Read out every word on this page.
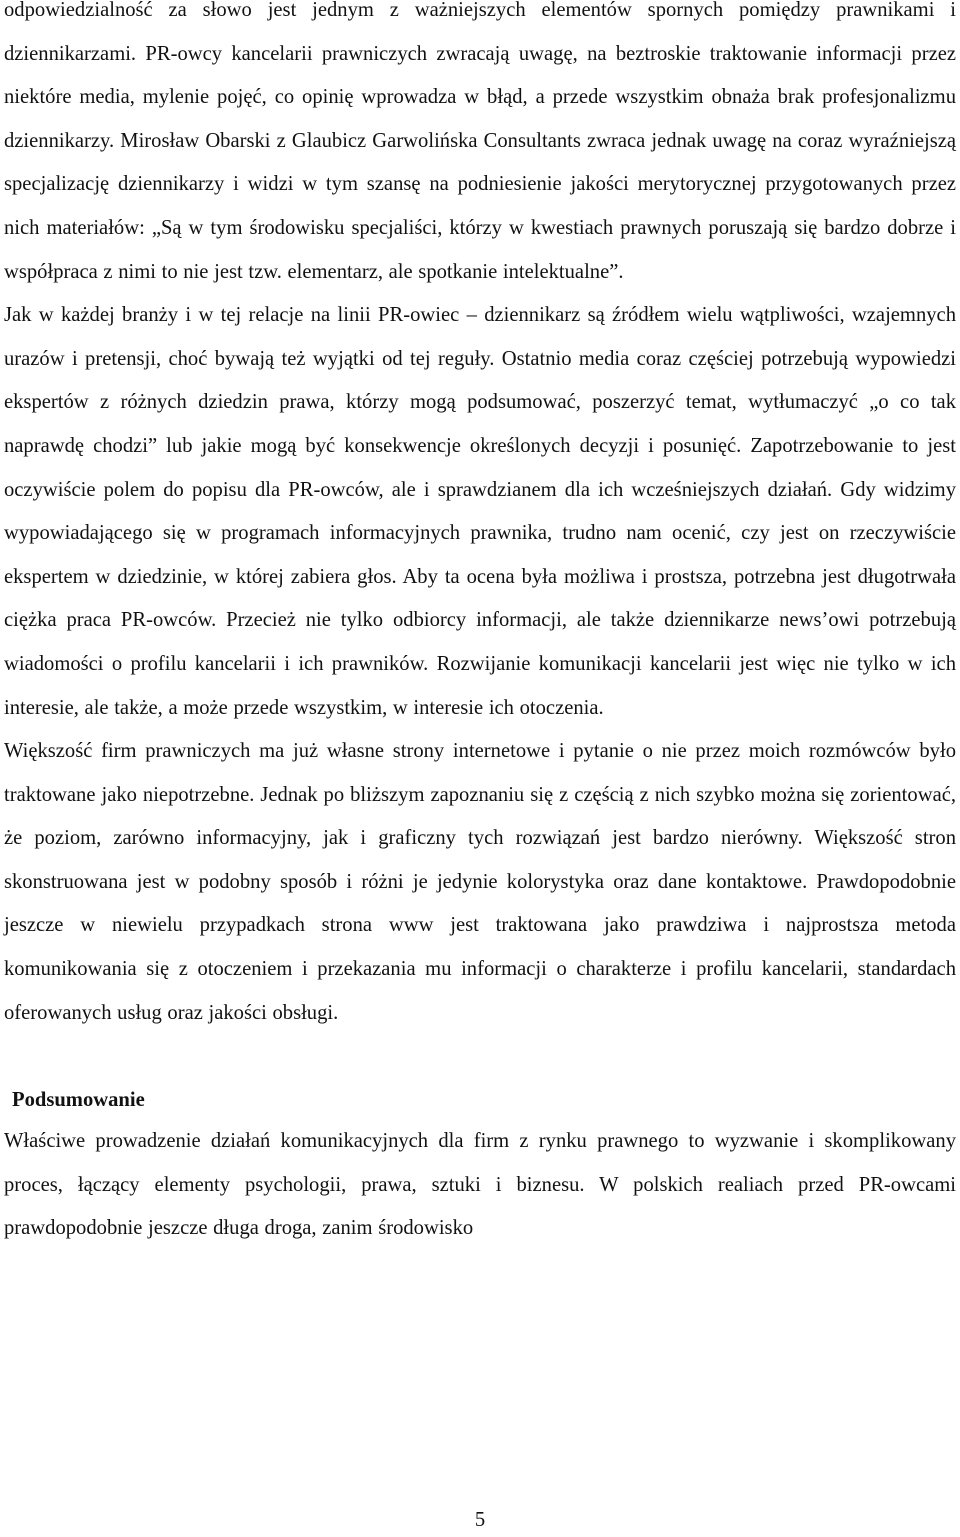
odpowiedzialność za słowo jest jednym z ważniejszych elementów spornych pomiędzy prawnikami i dziennikarzami. PR-owcy kancelarii prawniczych zwracają uwagę, na beztroskie traktowanie informacji przez niektóre media, mylenie pojęć, co opinię wprowadza w błąd, a przede wszystkim obnaża brak profesjonalizmu dziennikarzy. Mirosław Obarski z Glaubicz Garwolińska Consultants zwraca jednak uwagę na coraz wyraźniejszą specjalizację dziennikarzy i widzi w tym szansę na podniesienie jakości merytorycznej przygotowanych przez nich materiałów: „Są w tym środowisku specjaliści, którzy w kwestiach prawnych poruszają się bardzo dobrze i współpraca z nimi to nie jest tzw. elementarz, ale spotkanie intelektualne”.

Jak w każdej branży i w tej relacje na linii PR-owiec – dziennikarz są źródłem wielu wątpliwości, wzajemnych urazów i pretensji, choć bywają też wyjątki od tej reguły. Ostatnio media coraz częściej potrzebują wypowiedzi ekspertów z różnych dziedzin prawa, którzy mogą podsumować, poszerzyć temat, wytłumaczyć „o co tak naprawdę chodzi” lub jakie mogą być konsekwencje określonych decyzji i posunięć. Zapotrzebowanie to jest oczywiście polem do popisu dla PR-owców, ale i sprawdzianem dla ich wcześniejszych działań. Gdy widzimy wypowiadającego się w programach informacyjnych prawnika, trudno nam ocenić, czy jest on rzeczywiście ekspertem w dziedzinie, w której zabiera głos. Aby ta ocena była możliwa i prostsza, potrzebna jest długotrwała ciężka praca PR-owców. Przecież nie tylko odbiorcy informacji, ale także dziennikarze news’owi potrzebują wiadomości o profilu kancelarii i ich prawników. Rozwijanie komunikacji kancelarii jest więc nie tylko w ich interesie, ale także, a może przede wszystkim, w interesie ich otoczenia.

Większość firm prawniczych ma już własne strony internetowe i pytanie o nie przez moich rozmówców było traktowane jako niepotrzebne. Jednak po bliższym zapoznaniu się z częścią z nich szybko można się zorientować, że poziom, zarówno informacyjny, jak i graficzny tych rozwiązań jest bardzo nierówny. Większość stron skonstruowana jest w podobny sposób i różni je jedynie kolorystyka oraz dane kontaktowe. Prawdopodobnie jeszcze w niewielu przypadkach strona www jest traktowana jako prawdziwa i najprostsza metoda komunikowania się z otoczeniem i przekazania mu informacji o charakterze i profilu kancelarii, standardach oferowanych usług oraz jakości obsługi.

Podsumowanie

Właściwe prowadzenie działań komunikacyjnych dla firm z rynku prawnego to wyzwanie i skomplikowany proces, łączący elementy psychologii, prawa, sztuki i biznesu. W polskich realiach przed PR-owcami prawdopodobnie jeszcze długa droga, zanim środowisko

5
